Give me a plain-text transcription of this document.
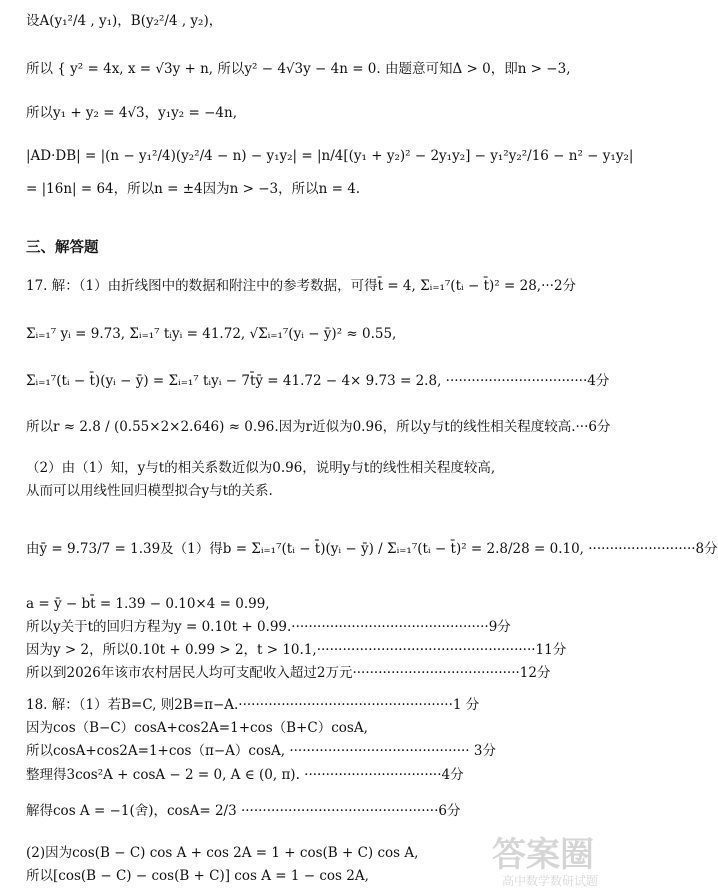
设A(y₁²/4 , y₁)，B(y₂²/4 , y₂)，
所以 { y² = 4x, x = √3y + n, 所以y² − 4√3y − 4n = 0. 由题意可知Δ > 0，即n > −3,
所以y₁ + y₂ = 4√3，y₁y₂ = −4n,
|AD·DB| = |(n − y₁²/4)(y₂²/4 − n) − y₁y₂| = |n/4[(y₁ + y₂)² − 2y₁y₂] − y₁²y₂²/16 − n² − y₁y₂|
= |16n| = 64，所以n = ±4因为n > −3，所以n = 4.
三、解答题
17. 解：（1）由折线图中的数据和附注中的参考数据，可得t̄ = 4, Σᵢ₌₁⁷(tᵢ − t̄)² = 28,···2分
Σᵢ₌₁⁷ yᵢ = 9.73, Σᵢ₌₁⁷ tᵢyᵢ = 41.72, √Σᵢ₌₁⁷(yᵢ − ȳ)² ≈ 0.55,
Σᵢ₌₁⁷(tᵢ − t̄)(yᵢ − ȳ) = Σᵢ₌₁⁷ tᵢyᵢ − 7t̄ȳ = 41.72 − 4× 9.73 = 2.8, ·································4分
所以r ≈ 2.8 / (0.55×2×2.646) ≈ 0.96.因为r近似为0.96，所以y与t的线性相关程度较高.···6分
（2）由（1）知，y与t的相关系数近似为0.96，说明y与t的线性相关程度较高,
从而可以用线性回归模型拟合y与t的关系.
由ȳ = 9.73/7 = 1.39及（1）得b = Σᵢ₌₁⁷(tᵢ − t̄)(yᵢ − ȳ) / Σᵢ₌₁⁷(tᵢ − t̄)² = 2.8/28 = 0.10, ·························8分
a = ȳ − bt̄ = 1.39 − 0.10×4 = 0.99,
所以y关于t的回归方程为y = 0.10t + 0.99.··············································9分
因为y > 2，所以0.10t + 0.99 > 2，t > 10.1,···················································11分
所以到2026年该市农村居民人均可支配收入超过2万元·······································12分
18. 解：（1）若B=C, 则2B=π−A.··················································1 分
因为cos（B−C）cosA+cos2A=1+cos（B+C）cosA,
所以cosA+cos2A=1+cos（π−A）cosA, ·········································· 3分
整理得3cos²A + cosA − 2 = 0, A ∈ (0, π). ································4分
解得cos A = −1(舍)，cosA= 2/3 ··············································6分
(2)因为cos(B − C) cos A + cos 2A = 1 + cos(B + C) cos A,
所以[cos(B − C) − cos(B + C)] cos A = 1 − cos 2A,
答案圈
高中数学数研试题
